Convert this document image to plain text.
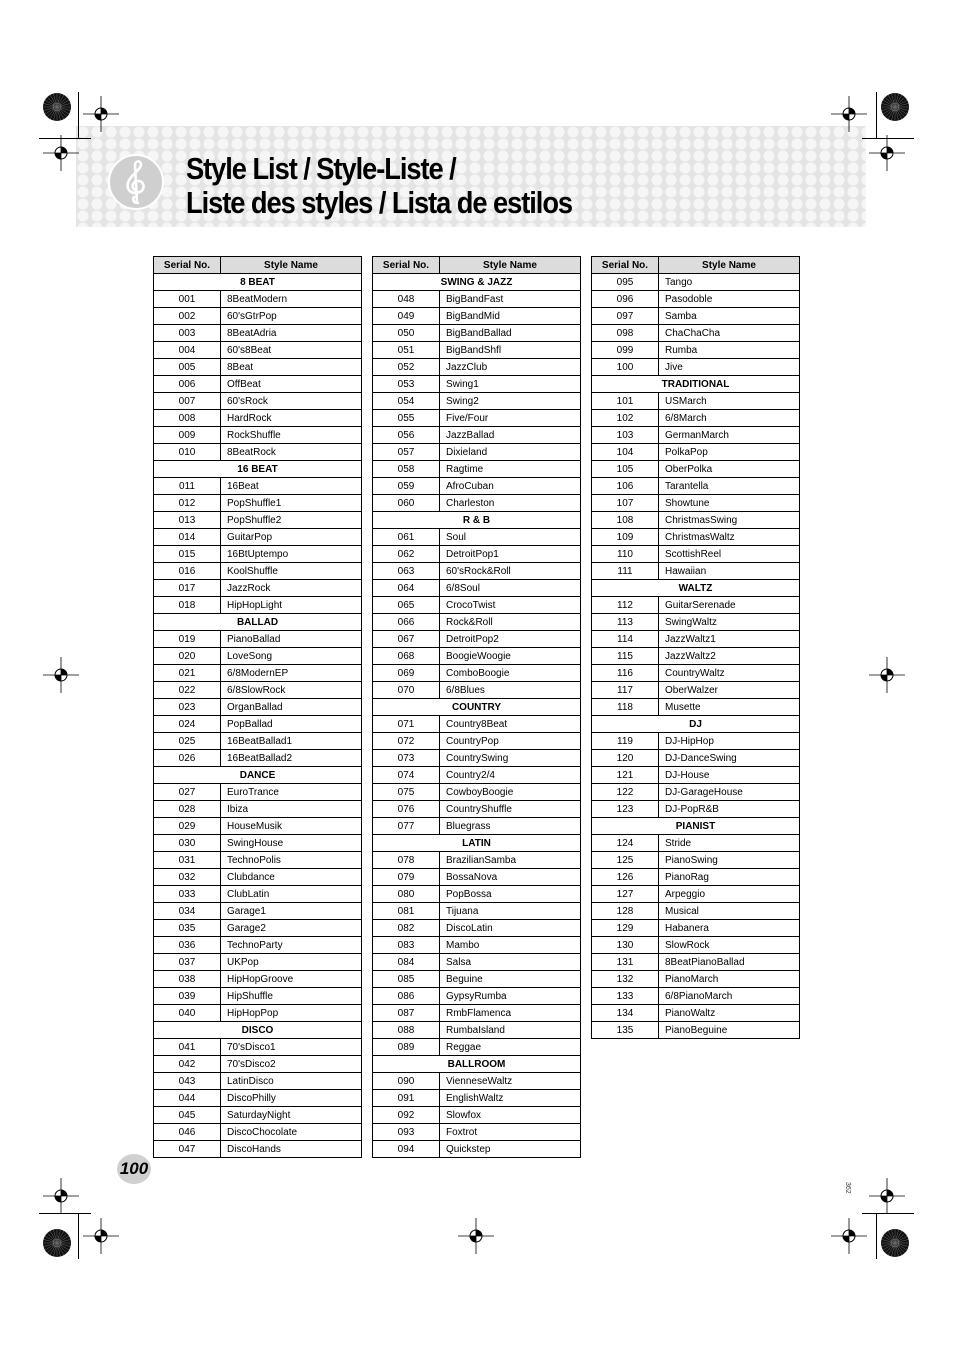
Style List / Style-Liste /
Liste des styles / Lista de estilos
Serial No.	Style Name
8 BEAT	
001	8BeatModern
002	60'sGtrPop
003	8BeatAdria
004	60's8Beat
005	8Beat
006	OffBeat
007	60'sRock
008	HardRock
009	RockShuffle
010	8BeatRock
16 BEAT	
011	16Beat
012	PopShuffle1
013	PopShuffle2
014	GuitarPop
015	16BtUptempo
016	KoolShuffle
017	JazzRock
018	HipHopLight
BALLAD	
019	PianoBallad
020	LoveSong
021	6/8ModernEP
022	6/8SlowRock
023	OrganBallad
024	PopBallad
025	16BeatBallad1
026	16BeatBallad2
DANCE	
027	EuroTrance
028	Ibiza
029	HouseMusik
030	SwingHouse
031	TechnoPolis
032	Clubdance
033	ClubLatin
034	Garage1
035	Garage2
036	TechnoParty
037	UKPop
038	HipHopGroove
039	HipShuffle
040	HipHopPop
DISCO	
041	70'sDisco1
042	70'sDisco2
043	LatinDisco
044	DiscoPhilly
045	SaturdayNight
046	DiscoChocolate
047	DiscoHands
Serial No.	Style Name
SWING & JAZZ	
048	BigBandFast
049	BigBandMid
050	BigBandBallad
051	BigBandShfl
052	JazzClub
053	Swing1
054	Swing2
055	Five/Four
056	JazzBallad
057	Dixieland
058	Ragtime
059	AfroCuban
060	Charleston
R & B	
061	Soul
062	DetroitPop1
063	60'sRock&Roll
064	6/8Soul
065	CrocoTwist
066	Rock&Roll
067	DetroitPop2
068	BoogieWoogie
069	ComboBoogie
070	6/8Blues
COUNTRY	
071	Country8Beat
072	CountryPop
073	CountrySwing
074	Country2/4
075	CowboyBoogie
076	CountryShuffle
077	Bluegrass
LATIN	
078	BrazilianSamba
079	BossaNova
080	PopBossa
081	Tijuana
082	DiscoLatin
083	Mambo
084	Salsa
085	Beguine
086	GypsyRumba
087	RmbFlamenca
088	RumbaIsland
089	Reggae
BALLROOM	
090	VienneseWaltz
091	EnglishWaltz
092	Slowfox
093	Foxtrot
094	Quickstep
Serial No.	Style Name
095	Tango
096	Pasodoble
097	Samba
098	ChaChaCha
099	Rumba
100	Jive
TRADITIONAL	
101	USMarch
102	6/8March
103	GermanMarch
104	PolkaPop
105	OberPolka
106	Tarantella
107	Showtune
108	ChristmasSwing
109	ChristmasWaltz
110	ScottishReel
111	Hawaiian
WALTZ	
112	GuitarSerenade
113	SwingWaltz
114	JazzWaltz1
115	JazzWaltz2
116	CountryWaltz
117	OberWalzer
118	Musette
DJ	
119	DJ-HipHop
120	DJ-DanceSwing
121	DJ-House
122	DJ-GarageHouse
123	DJ-PopR&B
PIANIST	
124	Stride
125	PianoSwing
126	PianoRag
127	Arpeggio
128	Musical
129	Habanera
130	SlowRock
131	8BeatPianoBallad
132	PianoMarch
133	6/8PianoMarch
134	PianoWaltz
135	PianoBeguine
100
362
